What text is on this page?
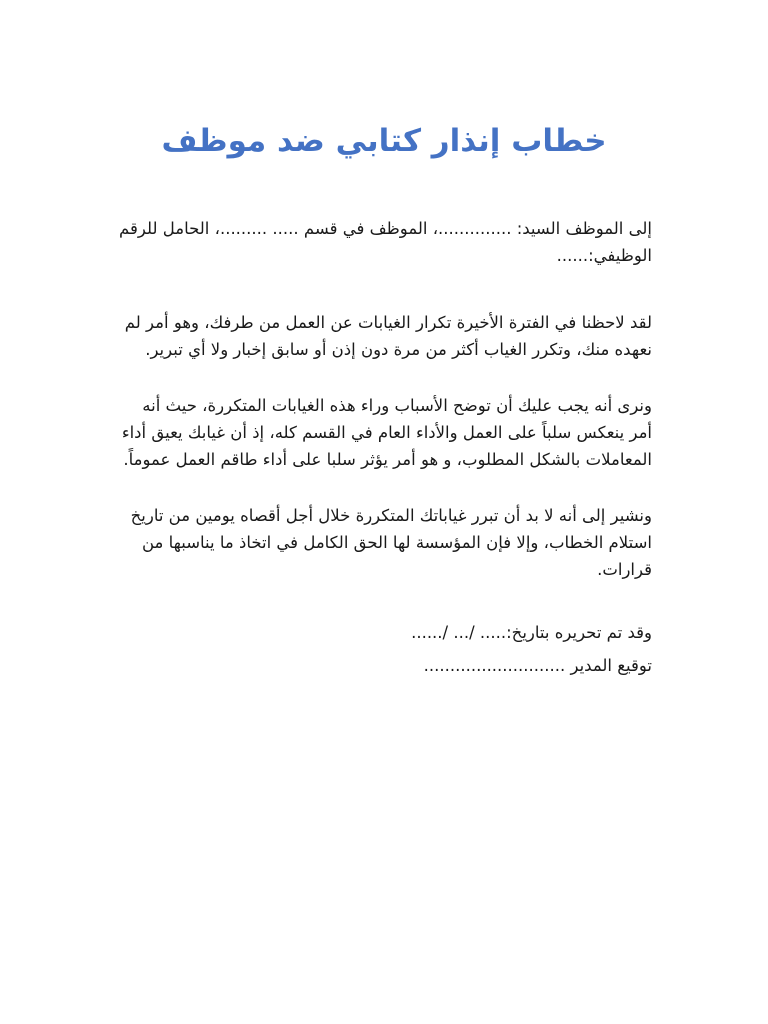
خطاب إنذار كتابي ضد موظف

إلى الموظف السيد: ..............، الموظف في قسم ..... .........، الحامل للرقم الوظيفي:......

لقد لاحظنا في الفترة الأخيرة تكرار الغيابات عن العمل من طرفك، وهو أمر لم نعهده منك، وتكرر الغياب أكثر من مرة دون إذن أو سابق إخبار ولا أي تبرير.

ونرى أنه يجب عليك أن توضح الأسباب وراء هذه الغيابات المتكررة، حيث أنه أمر ينعكس سلباً على العمل والأداء العام في القسم كله، إذ أن غيابك يعيق أداء المعاملات بالشكل المطلوب، و هو أمر يؤثر سلبا على أداء طاقم العمل عموماً.

ونشير إلى أنه لا بد أن تبرر غياباتك المتكررة خلال أجل أقصاه يومين من تاريخ استلام الخطاب، وإلا فإن المؤسسة لها الحق الكامل في اتخاذ ما يناسبها من قرارات.

وقد تم تحريره بتاريخ:..... /... /......

توقيع المدير ...........................
